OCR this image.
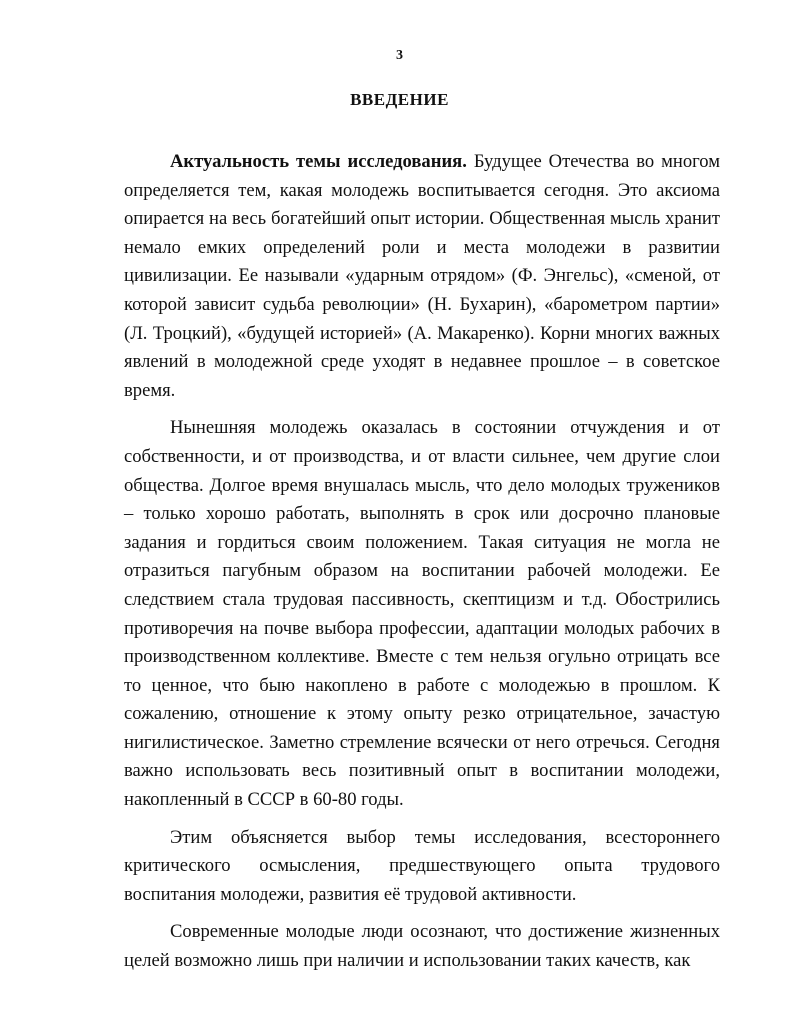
3
ВВЕДЕНИЕ

Актуальность темы исследования. Будущее Отечества во многом определяется тем, какая молодежь воспитывается сегодня. Это аксиома опирается на весь богатейший опыт истории. Общественная мысль хранит немало емких определений роли и места молодежи в развитии цивилизации. Ее называли «ударным отрядом» (Ф. Энгельс), «сменой, от которой зависит судьба революции» (Н. Бухарин), «барометром партии» (Л. Троцкий), «будущей историей» (А. Макаренко). Корни многих важных явлений в молодежной среде уходят в недавнее прошлое – в советское время.

Нынешняя молодежь оказалась в состоянии отчуждения и от собственности, и от производства, и от власти сильнее, чем другие слои общества. Долгое время внушалась мысль, что дело молодых тружеников – только хорошо работать, выполнять в срок или досрочно плановые задания и гордиться своим положением. Такая ситуация не могла не отразиться пагубным образом на воспитании рабочей молодежи. Ее следствием стала трудовая пассивность, скептицизм и т.д. Обострились противоречия на почве выбора профессии, адаптации молодых рабочих в производственном коллективе. Вместе с тем нельзя огульно отрицать все то ценное, что быю накоплено в работе с молодежью в прошлом. К сожалению, отношение к этому опыту резко отрицательное, зачастую нигилистическое. Заметно стремление всячески от него отречься. Сегодня важно использовать весь позитивный опыт в воспитании молодежи, накопленный в СССР в 60-80 годы.

Этим объясняется выбор темы исследования, всестороннего критического осмысления, предшествующего опыта трудового воспитания молодежи, развития её трудовой активности.

Современные молодые люди осознают, что достижение жизненных целей возможно лишь при наличии и использовании таких качеств, как
